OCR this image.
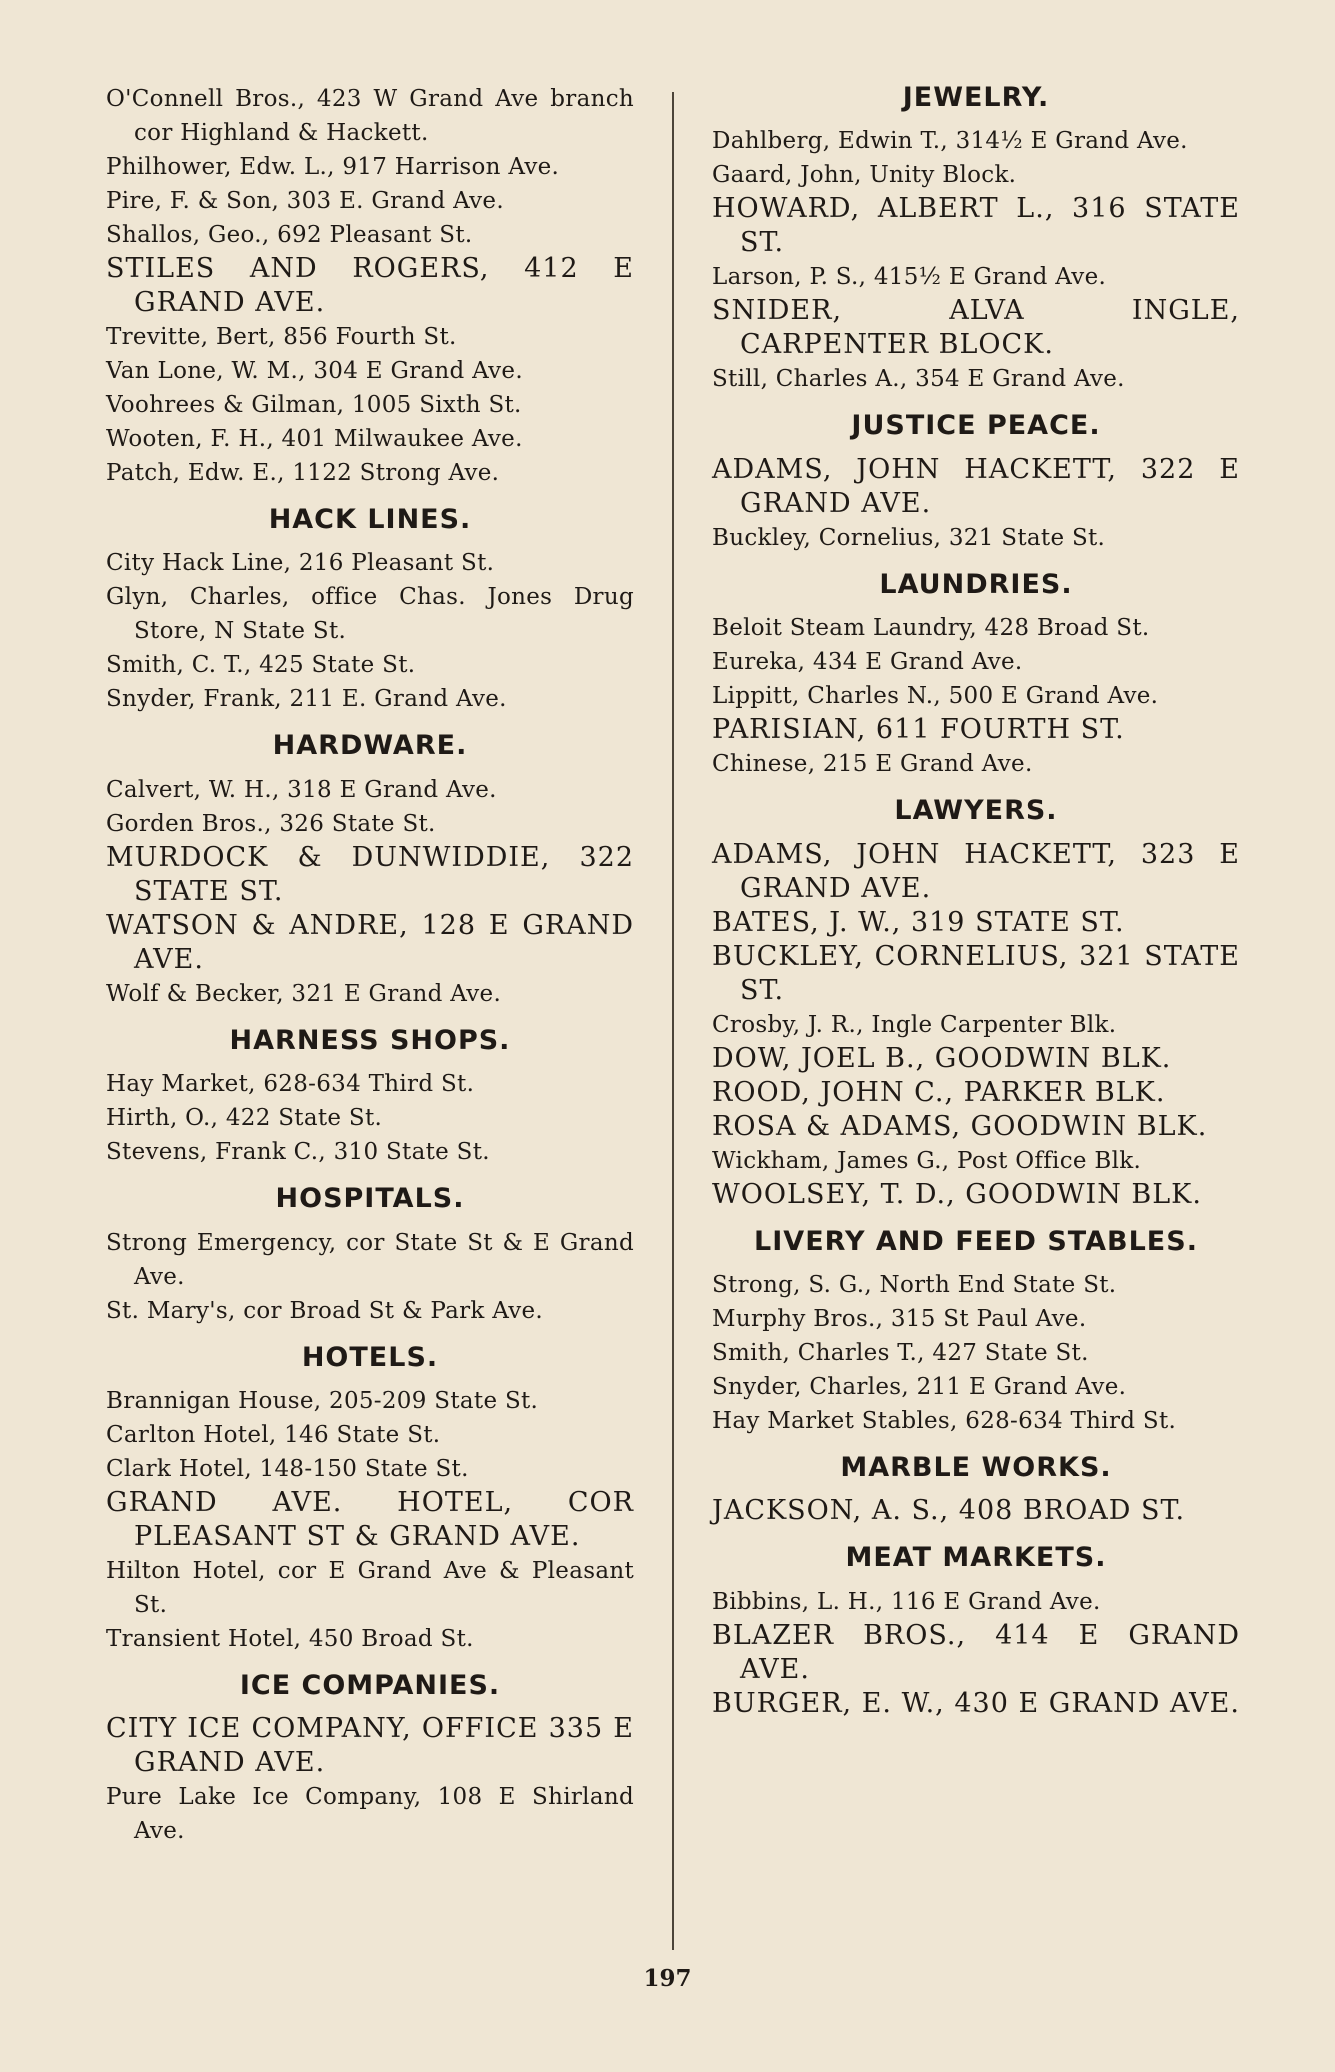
O'Connell Bros., 423 W Grand Ave branch cor Highland & Hackett.

Philhower, Edw. L., 917 Harrison Ave.

Pire, F. & Son, 303 E. Grand Ave.

Shallos, Geo., 692 Pleasant St.

STILES AND ROGERS, 412 E GRAND AVE.

Trevitte, Bert, 856 Fourth St.

Van Lone, W. M., 304 E Grand Ave.

Voohrees & Gilman, 1005 Sixth St.

Wooten, F. H., 401 Milwaukee Ave.

Patch, Edw. E., 1122 Strong Ave.

HACK LINES.

City Hack Line, 216 Pleasant St.

Glyn, Charles, office Chas. Jones Drug Store, N State St.

Smith, C. T., 425 State St.

Snyder, Frank, 211 E. Grand Ave.

HARDWARE.

Calvert, W. H., 318 E Grand Ave.

Gorden Bros., 326 State St.

MURDOCK & DUNWIDDIE, 322 STATE ST.

WATSON & ANDRE, 128 E GRAND AVE.

Wolf & Becker, 321 E Grand Ave.

HARNESS SHOPS.

Hay Market, 628-634 Third St.

Hirth, O., 422 State St.

Stevens, Frank C., 310 State St.

HOSPITALS.

Strong Emergency, cor State St & E Grand Ave.

St. Mary's, cor Broad St & Park Ave.

HOTELS.

Brannigan House, 205-209 State St.

Carlton Hotel, 146 State St.

Clark Hotel, 148-150 State St.

GRAND AVE. HOTEL, COR PLEASANT ST & GRAND AVE.

Hilton Hotel, cor E Grand Ave & Pleasant St.

Transient Hotel, 450 Broad St.

ICE COMPANIES.

CITY ICE COMPANY, OFFICE 335 E GRAND AVE.

Pure Lake Ice Company, 108 E Shirland Ave.

JEWELRY.

Dahlberg, Edwin T., 314½ E Grand Ave.

Gaard, John, Unity Block.

HOWARD, ALBERT L., 316 STATE ST.

Larson, P. S., 415½ E Grand Ave.

SNIDER, ALVA INGLE, CARPENTER BLOCK.

Still, Charles A., 354 E Grand Ave.

JUSTICE PEACE.

ADAMS, JOHN HACKETT, 322 E GRAND AVE.

Buckley, Cornelius, 321 State St.

LAUNDRIES.

Beloit Steam Laundry, 428 Broad St.

Eureka, 434 E Grand Ave.

Lippitt, Charles N., 500 E Grand Ave.

PARISIAN, 611 FOURTH ST.

Chinese, 215 E Grand Ave.

LAWYERS.

ADAMS, JOHN HACKETT, 323 E GRAND AVE.

BATES, J. W., 319 STATE ST.

BUCKLEY, CORNELIUS, 321 STATE ST.

Crosby, J. R., Ingle Carpenter Blk.

DOW, JOEL B., GOODWIN BLK.

ROOD, JOHN C., PARKER BLK.

ROSA & ADAMS, GOODWIN BLK.

Wickham, James G., Post Office Blk.

WOOLSEY, T. D., GOODWIN BLK.

LIVERY AND FEED STABLES.

Strong, S. G., North End State St.

Murphy Bros., 315 St Paul Ave.

Smith, Charles T., 427 State St.

Snyder, Charles, 211 E Grand Ave.

Hay Market Stables, 628-634 Third St.

MARBLE WORKS.

JACKSON, A. S., 408 BROAD ST.

MEAT MARKETS.

Bibbins, L. H., 116 E Grand Ave.

BLAZER BROS., 414 E GRAND AVE.

BURGER, E. W., 430 E GRAND AVE.

197
